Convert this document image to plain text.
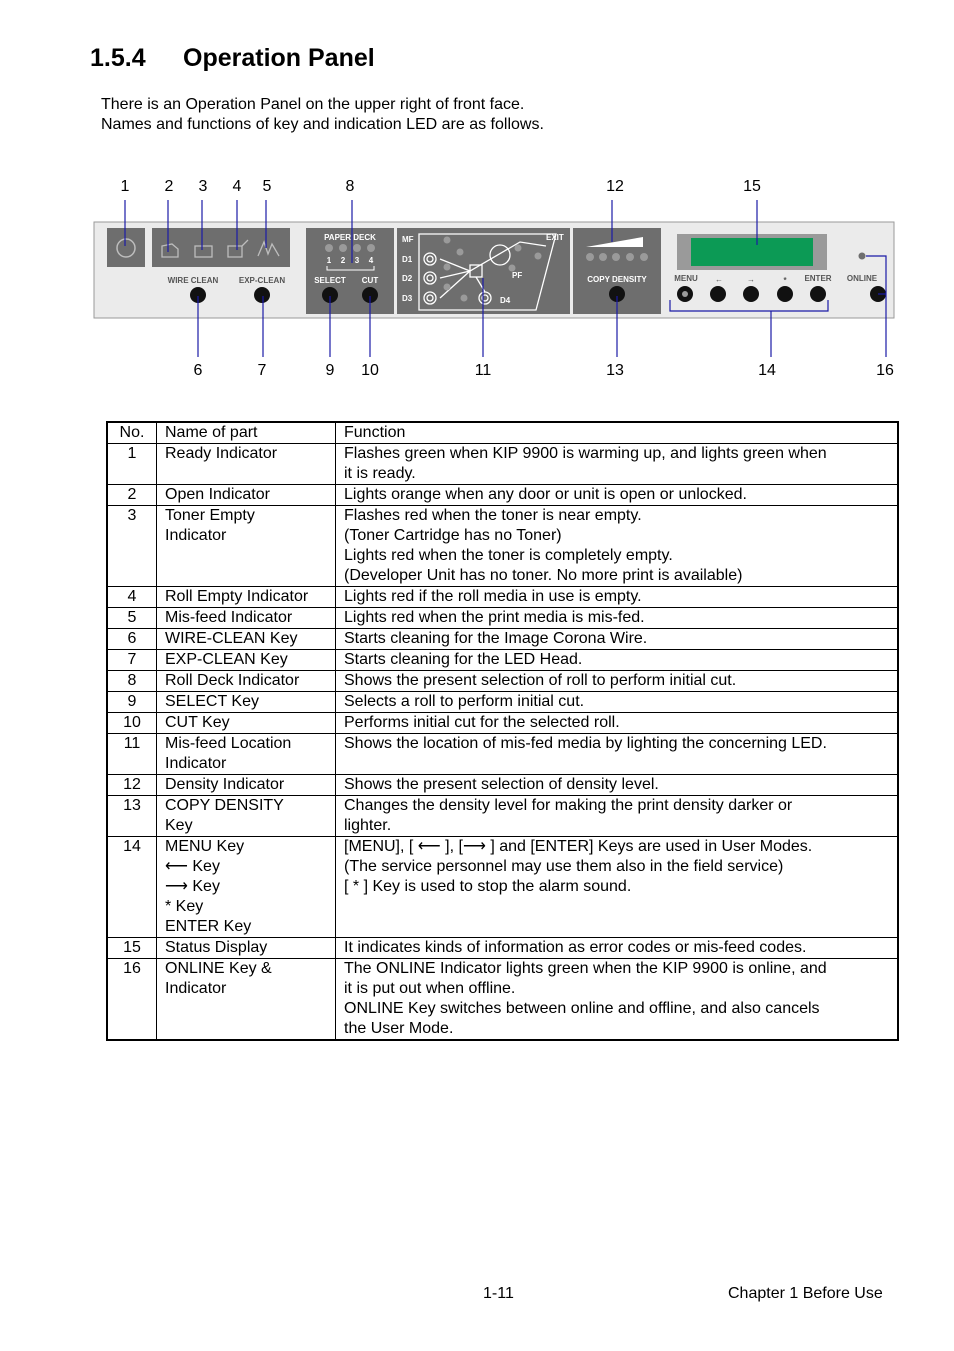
1.5.4 Operation Panel
There is an Operation Panel on the upper right of front face.
Names and functions of key and indication LED are as follows.
1 2 3 4 5	8	12	15
WIRE CLEAN	EXP-CLEAN
PAPER DECK
1 2 3 4
SELECT CUT
MF	EXIT
D1
D2
D3	D4
PF	COPY DENSITY	MENU ←	→	* ENTER ONLINE
6	7	9 10	11	13	14	16
No.	Name of part	Function
1	Ready Indicator	Flashes green when KIP 9900 is warming up, and lights green when
it is ready.

2	Open Indicator	Lights orange when any door or unit is open or unlocked.

3	Toner Empty
Indicator	Flashes red when the toner is near empty.
(Toner Cartridge has no Toner)
Lights red when the toner is completely empty.
(Developer Unit has no toner. No more print is available)

4	Roll Empty Indicator	Lights red if the roll media in use is empty.

5	Mis-feed Indicator	Lights red when the print media is mis-fed.

6	WIRE-CLEAN Key	Starts cleaning for the Image Corona Wire.

7	EXP-CLEAN Key	Starts cleaning for the LED Head.

8	Roll Deck Indicator	Shows the present selection of roll to perform initial cut.

9	SELECT Key	Selects a roll to perform initial cut.

10	CUT Key	Performs initial cut for the selected roll.

11	Mis-feed Location
Indicator	Shows the location of mis-fed media by lighting the concerning LED.

12	Density Indicator	Shows the present selection of density level.

13	COPY DENSITY
Key	Changes the density level for making the print density darker or
lighter.

14	MENU Key
⟵ Key
⟶ Key
* Key
ENTER Key	[MENU], [ ⟵ ], [⟶ ] and [ENTER] Keys are used in User Modes.
(The service personnel may use them also in the field service)
[ * ] Key is used to stop the alarm sound.

15	Status Display	It indicates kinds of information as error codes or mis-feed codes.

16	ONLINE Key &
Indicator	The ONLINE Indicator lights green when the KIP 9900 is online, and
it is put out when offline.
ONLINE Key switches between online and offline, and also cancels
the User Mode.
1-11	Chapter 1 Before Use
